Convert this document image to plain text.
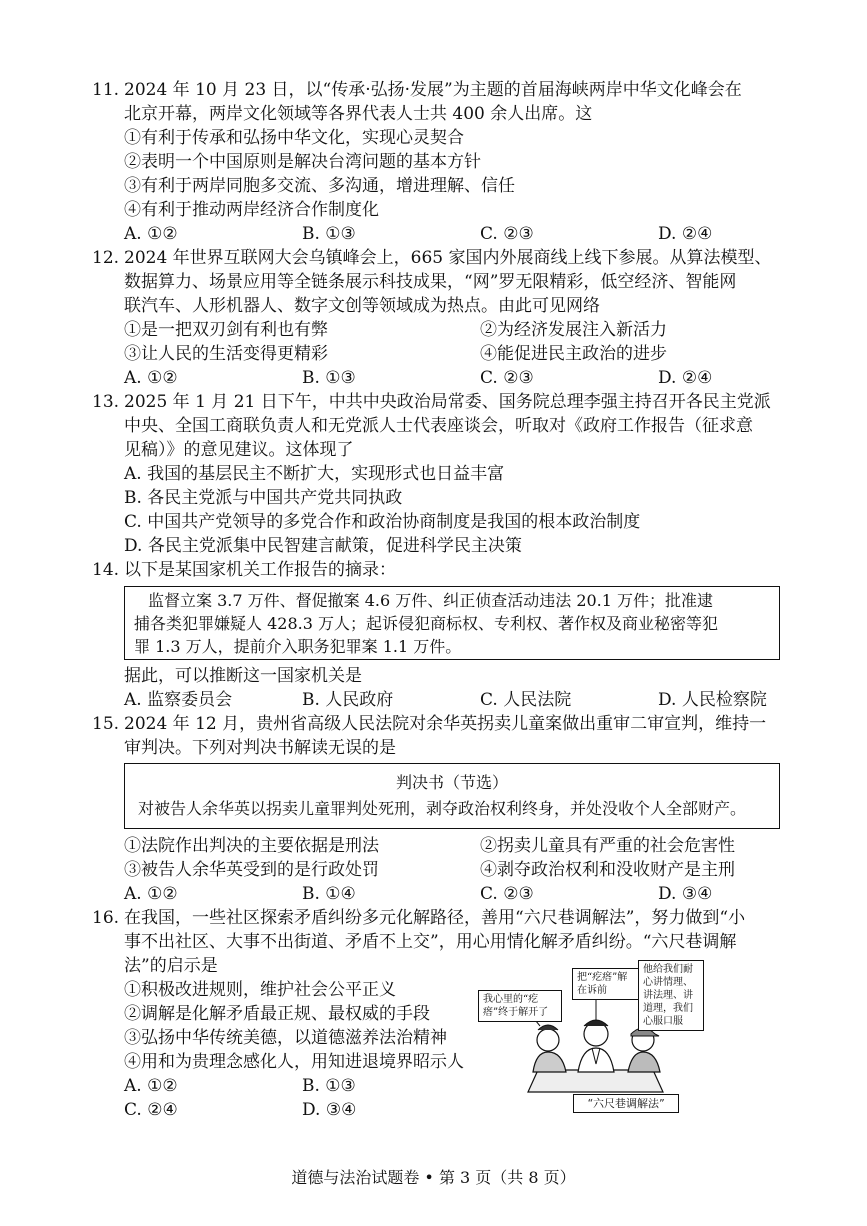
11. 2024 年 10 月 23 日，以“传承·弘扬·发展”为主题的首届海峡两岸中华文化峰会在
北京开幕，两岸文化领域等各界代表人士共 400 余人出席。这
①有利于传承和弘扬中华文化，实现心灵契合
②表明一个中国原则是解决台湾问题的基本方针
③有利于两岸同胞多交流、多沟通，增进理解、信任
④有利于推动两岸经济合作制度化
A. ①②	B. ①③	C. ②③	D. ②④
12. 2024 年世界互联网大会乌镇峰会上，665 家国内外展商线上线下参展。从算法模型、
数据算力、场景应用等全链条展示科技成果，“网”罗无限精彩，低空经济、智能网
联汽车、人形机器人、数字文创等领域成为热点。由此可见网络
①是一把双刃剑有利也有弊	②为经济发展注入新活力
③让人民的生活变得更精彩	④能促进民主政治的进步
A. ①②	B. ①③	C. ②③	D. ②④
13. 2025 年 1 月 21 日下午，中共中央政治局常委、国务院总理李强主持召开各民主党派
中央、全国工商联负责人和无党派人士代表座谈会，听取对《政府工作报告（征求意
见稿）》的意见建议。这体现了
A. 我国的基层民主不断扩大，实现形式也日益丰富
B. 各民主党派与中国共产党共同执政
C. 中国共产党领导的多党合作和政治协商制度是我国的根本政治制度
D. 各民主党派集中民智建言献策，促进科学民主决策
14. 以下是某国家机关工作报告的摘录：
监督立案 3.7 万件、督促撤案 4.6 万件、纠正侦查活动违法 20.1 万件；批准逮
捕各类犯罪嫌疑人 428.3 万人；起诉侵犯商标权、专利权、著作权及商业秘密等犯
罪 1.3 万人，提前介入职务犯罪案 1.1 万件。
据此，可以推断这一国家机关是
A. 监察委员会	B. 人民政府	C. 人民法院	D. 人民检察院
15. 2024 年 12 月，贵州省高级人民法院对余华英拐卖儿童案做出重审二审宣判，维持一
审判决。下列对判决书解读无误的是
判决书（节选）
对被告人余华英以拐卖儿童罪判处死刑，剥夺政治权利终身，并处没收个人全部财产。
①法院作出判决的主要依据是刑法	②拐卖儿童具有严重的社会危害性
③被告人余华英受到的是行政处罚	④剥夺政治权利和没收财产是主刑
A. ①②	B. ①④	C. ②③	D. ③④
16. 在我国，一些社区探索矛盾纠纷多元化解路径，善用“六尺巷调解法”，努力做到“小
事不出社区、大事不出街道、矛盾不上交”，用心用情化解矛盾纠纷。“六尺巷调解
法”的启示是
①积极改进规则，维护社会公平正义
②调解是化解矛盾最正规、最权威的手段
③弘扬中华传统美德，以道德滋养法治精神
④用和为贵理念感化人，用知进退境界昭示人
A. ①②	B. ①③
C. ②④	D. ③④
我心里的“疙瘩”终于解开了
把“疙瘩”解在诉前
他给我们耐心讲情理、讲法理、讲道理，我们心服口服
“六尺巷调解法”
道德与法治试题卷 • 第 3 页（共 8 页）
